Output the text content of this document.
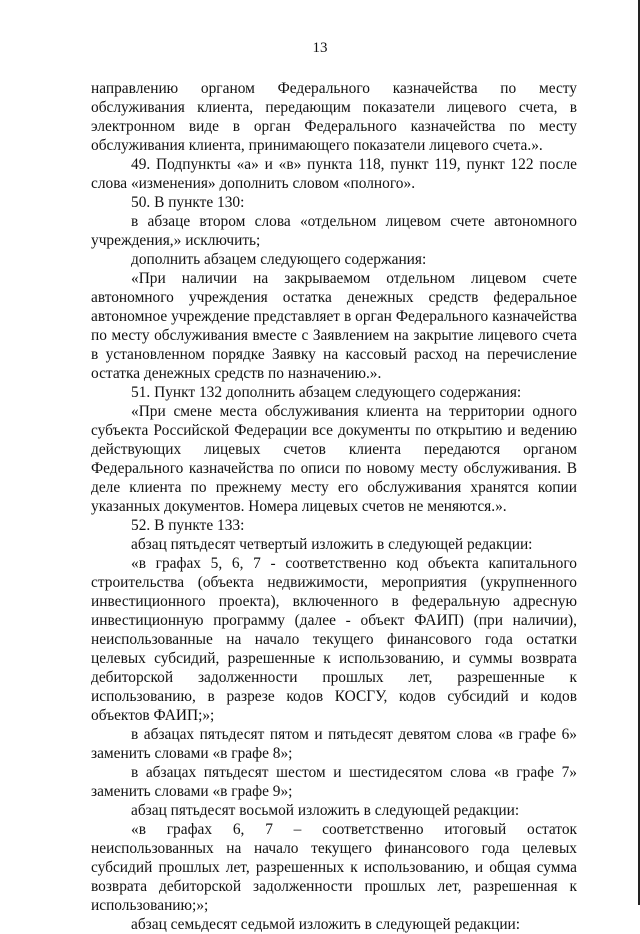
13

направлению органом Федерального казначейства по месту обслуживания клиента, передающим показатели лицевого счета, в электронном виде в орган Федерального казначейства по месту обслуживания клиента, принимающего показатели лицевого счета.».

49. Подпункты «а» и «в» пункта 118, пункт 119, пункт 122 после слова «изменения» дополнить словом «полного».

50. В пункте 130:

в абзаце втором слова «отдельном лицевом счете автономного учреждения,» исключить;

дополнить абзацем следующего содержания:

«При наличии на закрываемом отдельном лицевом счете автономного учреждения остатка денежных средств федеральное автономное учреждение представляет в орган Федерального казначейства по месту обслуживания вместе с Заявлением на закрытие лицевого счета в установленном порядке Заявку на кассовый расход на перечисление остатка денежных средств по назначению.».

51. Пункт 132 дополнить абзацем следующего содержания:

«При смене места обслуживания клиента на территории одного субъекта Российской Федерации все документы по открытию и ведению действующих лицевых счетов клиента передаются органом Федерального казначейства по описи по новому месту обслуживания. В деле клиента по прежнему месту его обслуживания хранятся копии указанных документов. Номера лицевых счетов не меняются.».

52. В пункте 133:

абзац пятьдесят четвертый изложить в следующей редакции:

«в графах 5, 6, 7 - соответственно код объекта капитального строительства (объекта недвижимости, мероприятия (укрупненного инвестиционного проекта), включенного в федеральную адресную инвестиционную программу (далее - объект ФАИП) (при наличии), неиспользованные на начало текущего финансового года остатки целевых субсидий, разрешенные к использованию, и суммы возврата дебиторской задолженности прошлых лет, разрешенные к использованию, в разрезе кодов КОСГУ, кодов субсидий и кодов объектов ФАИП;»;

в абзацах пятьдесят пятом и пятьдесят девятом слова «в графе 6» заменить словами «в графе 8»;

в абзацах пятьдесят шестом и шестидесятом слова «в графе 7» заменить словами «в графе 9»;

абзац пятьдесят восьмой изложить в следующей редакции:

«в графах 6, 7 – соответственно итоговый остаток неиспользованных на начало текущего финансового года целевых субсидий прошлых лет, разрешенных к использованию, и общая сумма возврата дебиторской задолженности прошлых лет, разрешенная к использованию;»;

абзац семьдесят седьмой изложить в следующей редакции:
